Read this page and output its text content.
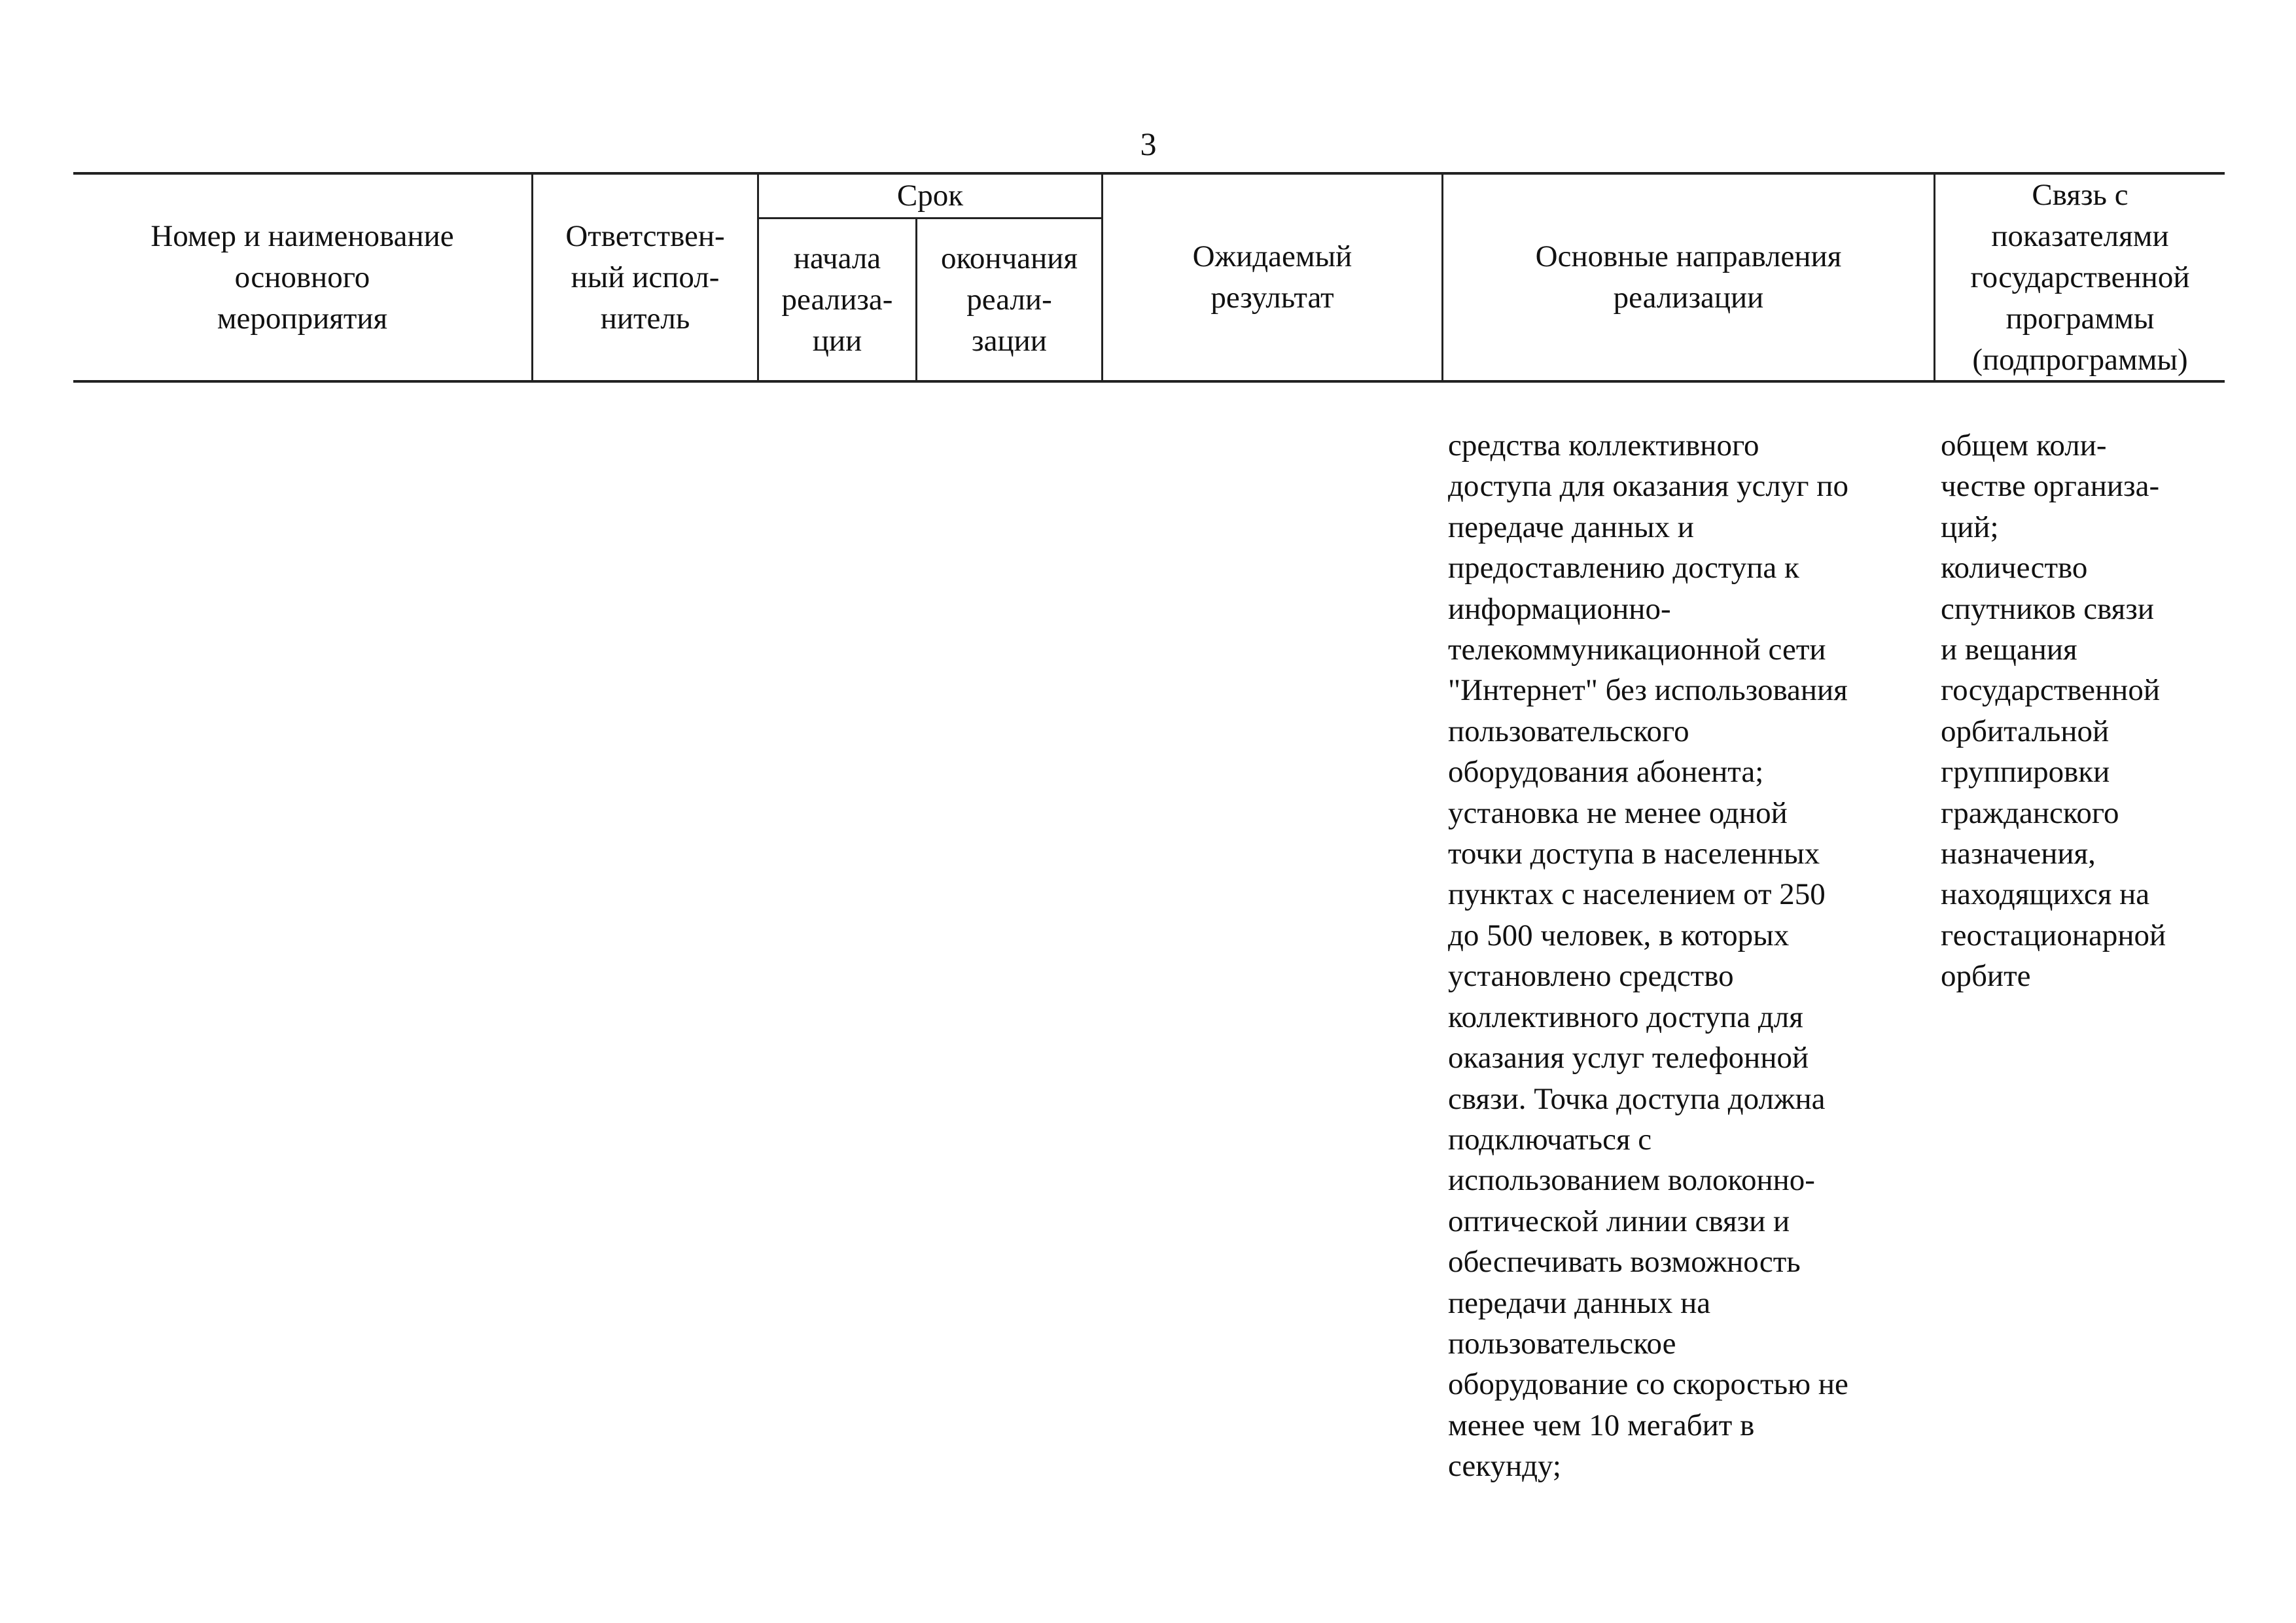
3
Номер и наименование
основного
мероприятия
Ответствен-
ный испол-
нитель
Срок
начала
реализа-
ции
окончания
реали-
зации
Ожидаемый
результат
Основные направления
реализации
Связь с
показателями
государственной
программы
(подпрограммы)
средства коллективного
доступа для оказания услуг по
передаче данных и
предоставлению доступа к
информационно-
телекоммуникационной сети
"Интернет" без использования
пользовательского
оборудования абонента;
установка не менее одной
точки доступа в населенных
пунктах с населением от 250
до 500 человек, в которых
установлено средство
коллективного доступа для
оказания услуг телефонной
связи. Точка доступа должна
подключаться с
использованием волоконно-
оптической линии связи и
обеспечивать возможность
передачи данных на
пользовательское
оборудование со скоростью не
менее чем 10 мегабит в
секунду;
общем коли-
честве организа-
ций;
количество
спутников связи
и вещания
государственной
орбитальной
группировки
гражданского
назначения,
находящихся на
геостационарной
орбите
